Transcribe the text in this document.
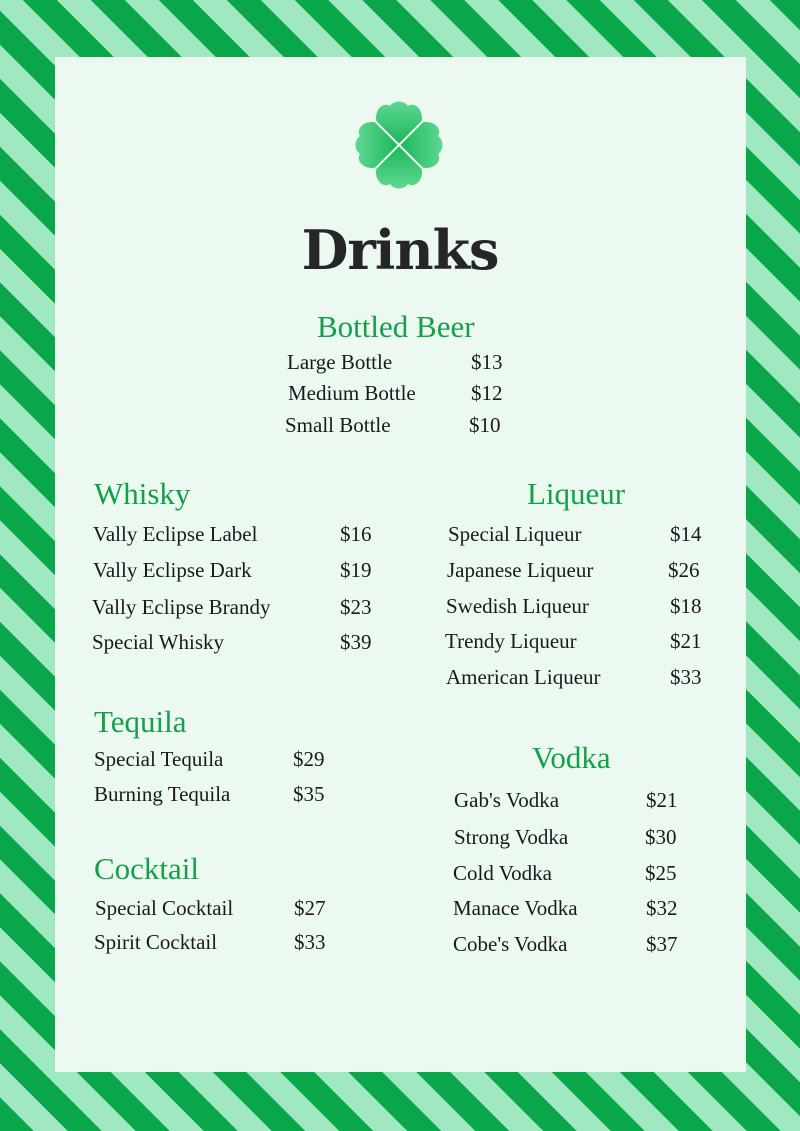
Drinks
Bottled Beer
Large Bottle	$13
Medium Bottle	$12
Small Bottle	$10
Whisky
Vally Eclipse Label	$16
Vally Eclipse Dark	$19
Vally Eclipse Brandy	$23
Special Whisky	$39
Liqueur
Special Liqueur	$14
Japanese Liqueur	$26
Swedish Liqueur	$18
Trendy Liqueur	$21
American Liqueur	$33
Tequila
Special Tequila	$29
Burning Tequila	$35
Vodka
Gab's Vodka	$21
Strong Vodka	$30
Cold Vodka	$25
Manace Vodka	$32
Cobe's Vodka	$37
Cocktail
Special Cocktail	$27
Spirit Cocktail	$33
